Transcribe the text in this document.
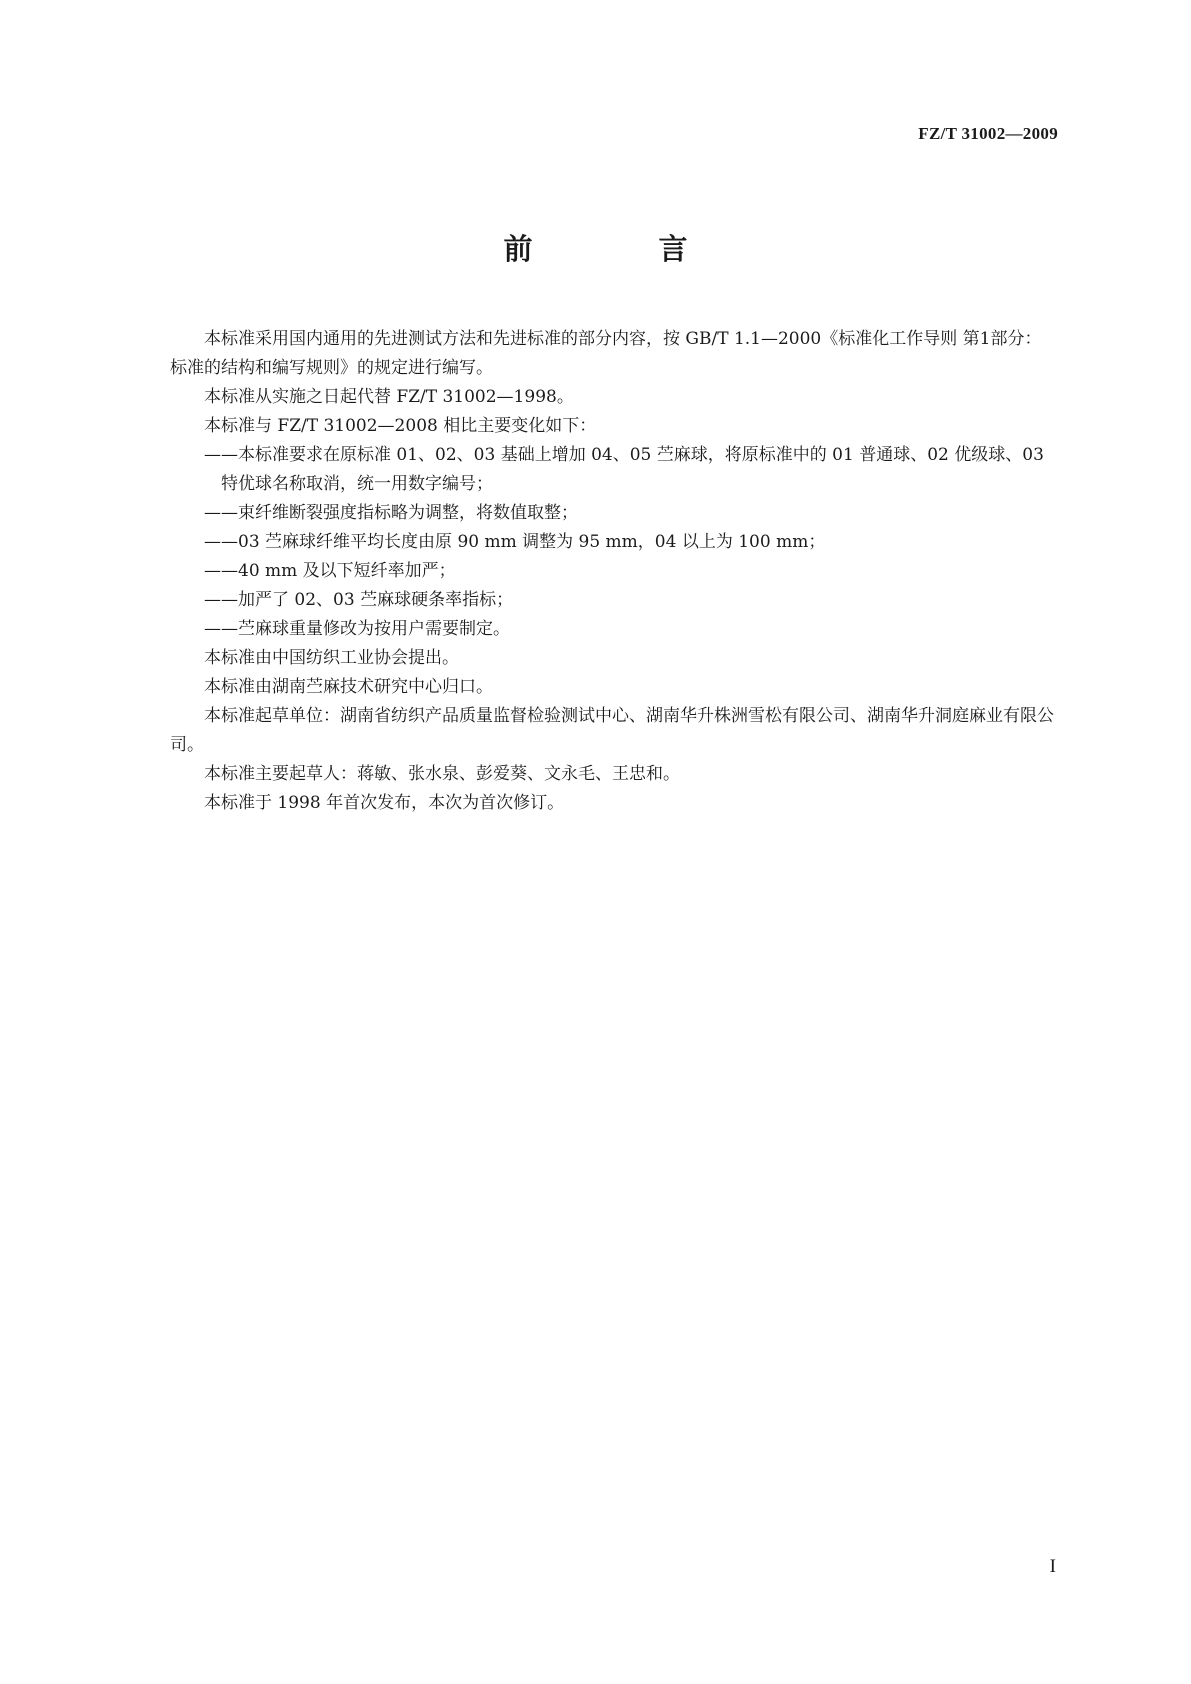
FZ/T 31002—2009
前 言

本标准采用国内通用的先进测试方法和先进标准的部分内容，按 GB/T 1.1—2000《标准化工作导则 第1部分：标准的结构和编写规则》的规定进行编写。

本标准从实施之日起代替 FZ/T 31002—1998。

本标准与 FZ/T 31002—2008 相比主要变化如下：

——本标准要求在原标准 01、02、03 基础上增加 04、05 苎麻球，将原标准中的 01 普通球、02 优级球、03 特优球名称取消，统一用数字编号；

——束纤维断裂强度指标略为调整，将数值取整；

——03 苎麻球纤维平均长度由原 90 mm 调整为 95 mm，04 以上为 100 mm；

——40 mm 及以下短纤率加严；

——加严了 02、03 苎麻球硬条率指标；

——苎麻球重量修改为按用户需要制定。

本标准由中国纺织工业协会提出。

本标准由湖南苎麻技术研究中心归口。

本标准起草单位：湖南省纺织产品质量监督检验测试中心、湖南华升株洲雪松有限公司、湖南华升洞庭麻业有限公司。

本标准主要起草人：蒋敏、张水泉、彭爱葵、文永毛、王忠和。

本标准于 1998 年首次发布，本次为首次修订。

I
